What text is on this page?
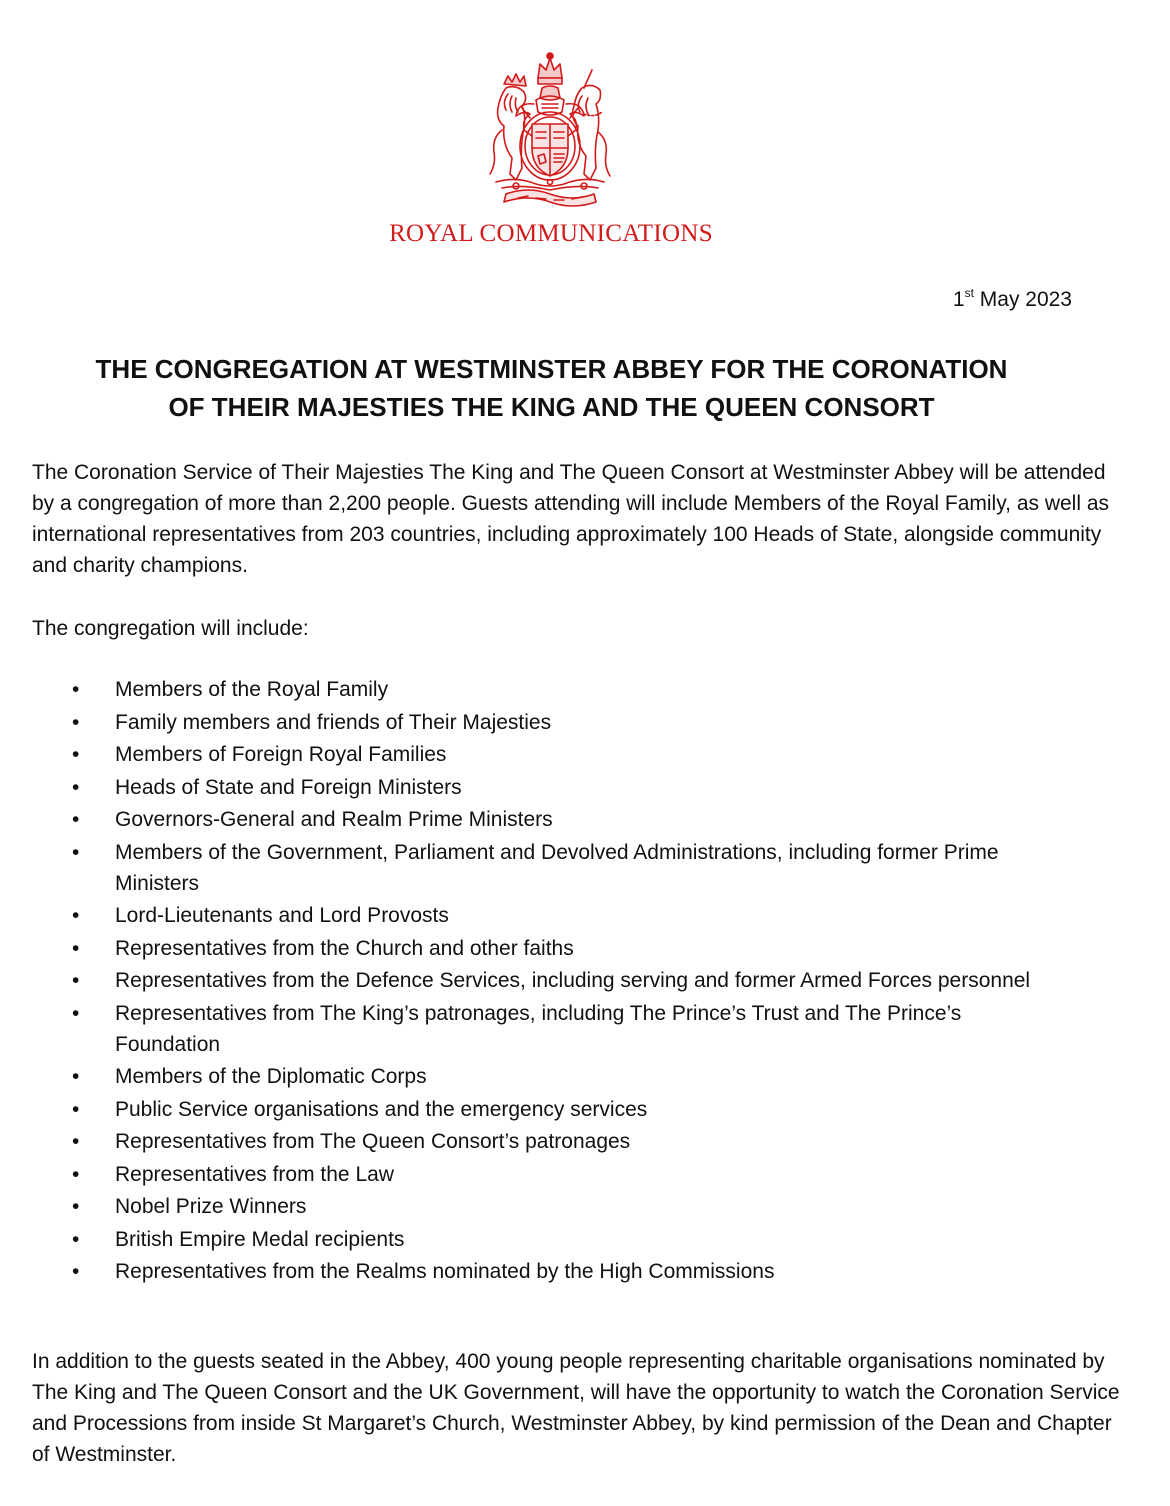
ROYAL COMMUNICATIONS
1st May 2023
THE CONGREGATION AT WESTMINSTER ABBEY FOR THE CORONATION
OF THEIR MAJESTIES THE KING AND THE QUEEN CONSORT

The Coronation Service of Their Majesties The King and The Queen Consort at Westminster Abbey will be attended by a congregation of more than 2,200 people. Guests attending will include Members of the Royal Family, as well as international representatives from 203 countries, including approximately 100 Heads of State, alongside community and charity champions.

The congregation will include:

• Members of the Royal Family
• Family members and friends of Their Majesties
• Members of Foreign Royal Families
• Heads of State and Foreign Ministers
• Governors-General and Realm Prime Ministers
• Members of the Government, Parliament and Devolved Administrations, including former Prime Ministers
• Lord-Lieutenants and Lord Provosts
• Representatives from the Church and other faiths
• Representatives from the Defence Services, including serving and former Armed Forces personnel
• Representatives from The King’s patronages, including The Prince’s Trust and The Prince’s Foundation
• Members of the Diplomatic Corps
• Public Service organisations and the emergency services
• Representatives from The Queen Consort’s patronages
• Representatives from the Law
• Nobel Prize Winners
• British Empire Medal recipients
• Representatives from the Realms nominated by the High Commissions

In addition to the guests seated in the Abbey, 400 young people representing charitable organisations nominated by The King and The Queen Consort and the UK Government, will have the opportunity to watch the Coronation Service and Processions from inside St Margaret’s Church, Westminster Abbey, by kind permission of the Dean and Chapter of Westminster.
